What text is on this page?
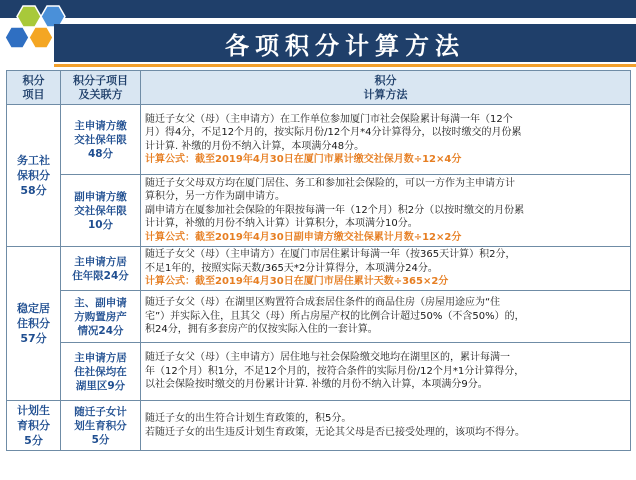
各项积分计算方法
积分
项目	积分子项目
及关联方	积分
计算方法

务工社
保积分
58分	主申请方缴
交社保年限
48分	随迁子女父（母）（主申请方）在工作单位参加厦门市社会保险累计每满一年（12个
月）得4分，不足12个月的，按实际月份/12个月*4分计算得分，以按时缴交的月份累
计计算. 补缴的月份不纳入计算，本项满分48分。
计算公式：截至2019年4月30日在厦门市累计缴交社保月数÷12×4分

	副申请方缴
交社保年限
10分	随迁子女父母双方均在厦门居住、务工和参加社会保险的，可以一方作为主申请方计
算积分，另一方作为副申请方。
副申请方在厦参加社会保险的年限按每满一年（12个月）积2分（以按时缴交的月份累
计计算，补缴的月份不纳入计算）计算积分，本项满分10分。
计算公式：截至2019年4月30日副申请方缴交社保累计月数÷12×2分

稳定居
住积分
57分	主申请方居
住年限24分	随迁子女父（母）（主申请方）在厦门市居住累计每满一年（按365天计算）积2分，
不足1年的，按照实际天数/365天*2分计算得分，本项满分24分。
计算公式：截至2019年4月30日在厦门市居住累计天数÷365×2分

	主、副申请
方购置房产
情况24分	随迁子女父（母）在湖里区购置符合成套居住条件的商品住房（房屋用途应为“住
宅”）并实际入住，且其父（母）所占房屋产权的比例合计超过50%（不含50%）的，
积24分，拥有多套房产的仅按实际入住的一套计算。

	主申请方居
住社保均在
湖里区9分	随迁子女父（母）（主申请方）居住地与社会保险缴交地均在湖里区的，累计每满一
年（12个月）积1分，不足12个月的，按符合条件的实际月份/12个月*1分计算得分，
以社会保险按时缴交的月份累计计算. 补缴的月份不纳入计算，本项满分9分。

计划生
育积分
5分	随迁子女计
划生育积分
5分	随迁子女的出生符合计划生育政策的，积5分。
若随迁子女的出生违反计划生育政策，无论其父母是否已接受处理的，该项均不得分。
